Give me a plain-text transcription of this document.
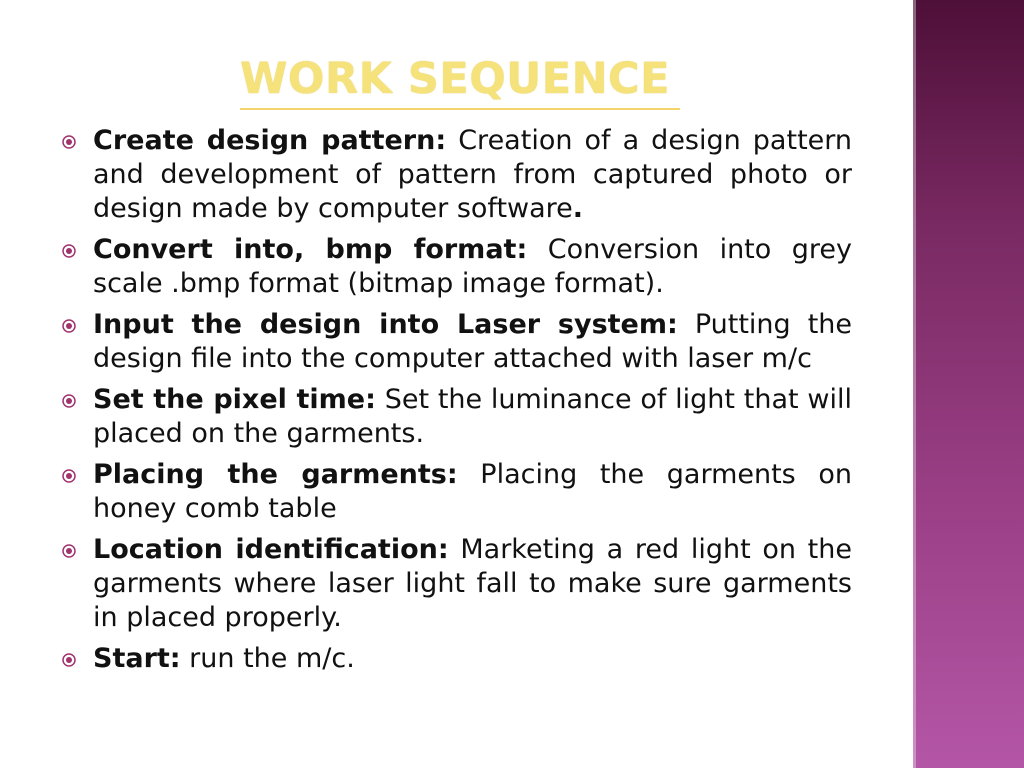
WORK SEQUENCE
Create design pattern: Creation of a design pattern and development of pattern from captured photo or design made by computer software.
Convert into, bmp format: Conversion into grey scale .bmp format (bitmap image format).
Input the design into Laser system: Putting the design file into the computer attached with laser m/c
Set the pixel time: Set the luminance of light that will placed on the garments.
Placing the garments: Placing the garments on honey comb table
Location identification: Marketing a red light on the garments where laser light fall to make sure garments in placed properly.
Start: run the m/c.
